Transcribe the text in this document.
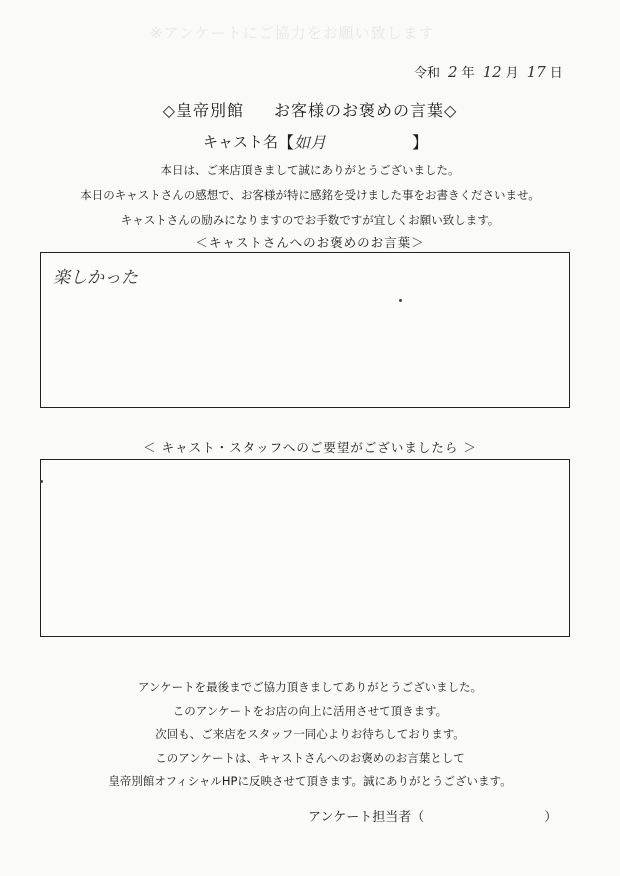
※アンケートにご協力をお願い致します
令和 2 年 12 月 17 日
◇皇帝別館 お客様のお褒めの言葉◇
キャスト名 【 如月	】
本日は、ご来店頂きまして誠にありがとうございました。
本日のキャストさんの感想で、お客様が特に感銘を受けました事をお書きくださいませ。
キャストさんの励みになりますのでお手数ですが宜しくお願い致します。
＜キャストさんへのお褒めのお言葉＞
楽しかった
＜ キャスト・スタッフへのご要望がございましたら ＞
アンケートを最後までご協力頂きましてありがとうございました。
このアンケートをお店の向上に活用させて頂きます。
次回も、ご来店をスタッフ一同心よりお待ちしております。
このアンケートは、キャストさんへのお褒めのお言葉として
皇帝別館オフィシャルHPに反映させて頂きます。誠にありがとうございます。
アンケート担当者（	）
